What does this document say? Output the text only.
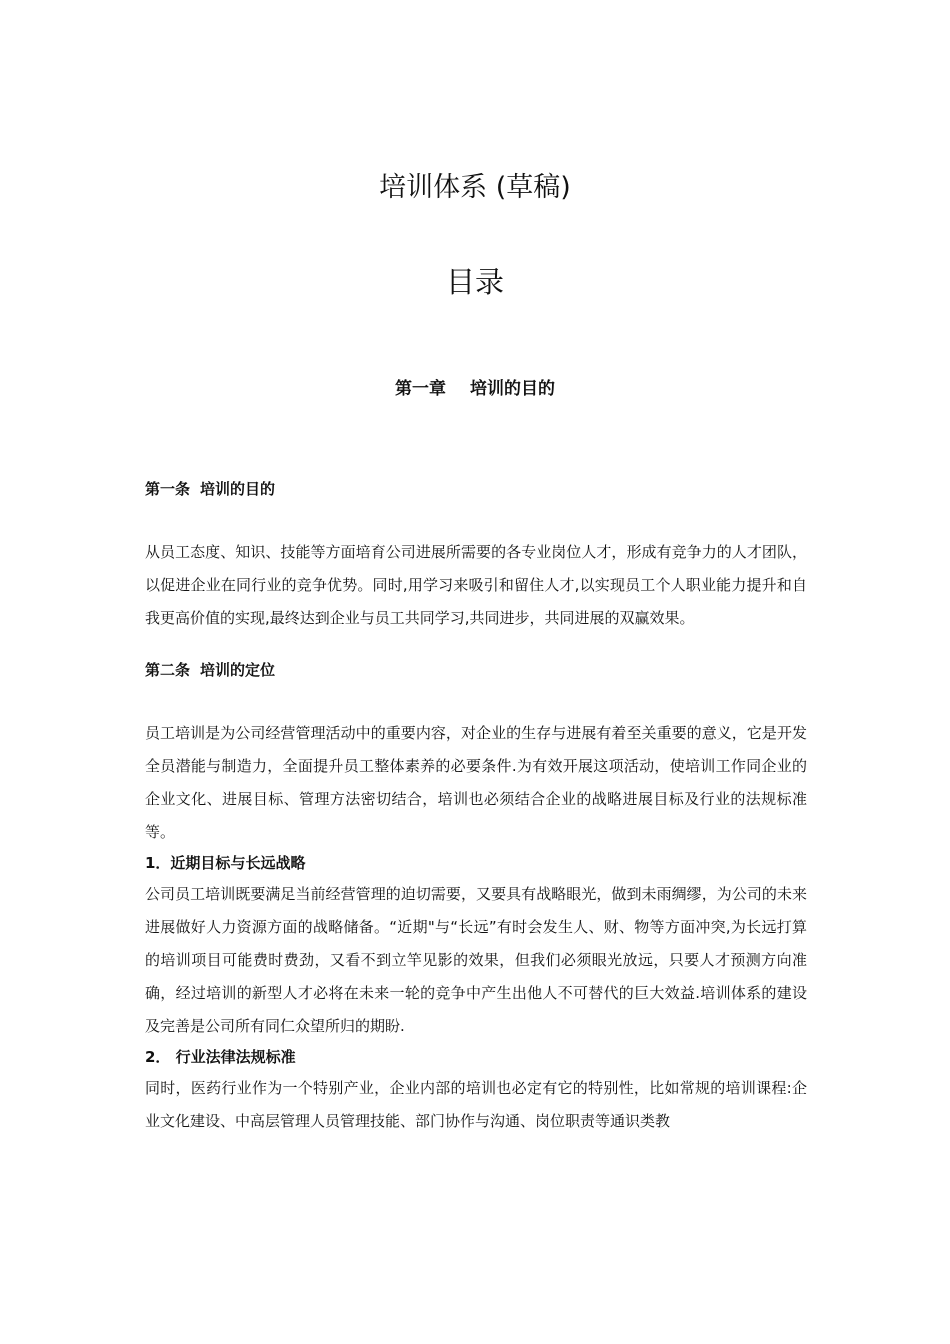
培训体系 (草稿)
目录
第一章 培训的目的
第一条 培训的目的

从员工态度、知识、技能等方面培育公司进展所需要的各专业岗位人才，形成有竞争力的人才团队，以促进企业在同行业的竞争优势。同时,用学习来吸引和留住人才,以实现员工个人职业能力提升和自我更高价值的实现,最终达到企业与员工共同学习,共同进步，共同进展的双赢效果。

第二条 培训的定位

员工培训是为公司经营管理活动中的重要内容，对企业的生存与进展有着至关重要的意义，它是开发全员潜能与制造力，全面提升员工整体素养的必要条件.为有效开展这项活动，使培训工作同企业的企业文化、进展目标、管理方法密切结合，培训也必须结合企业的战略进展目标及行业的法规标准等。

1．近期目标与长远战略

公司员工培训既要满足当前经营管理的迫切需要，又要具有战略眼光，做到未雨绸缪，为公司的未来进展做好人力资源方面的战略储备。“近期"与“长远”有时会发生人、财、物等方面冲突,为长远打算的培训项目可能费时费劲，又看不到立竿见影的效果，但我们必须眼光放远，只要人才预测方向准确，经过培训的新型人才必将在未来一轮的竞争中产生出他人不可替代的巨大效益.培训体系的建设及完善是公司所有同仁众望所归的期盼.

2． 行业法律法规标准

同时，医药行业作为一个特别产业，企业内部的培训也必定有它的特别性，比如常规的培训课程:企业文化建设、中高层管理人员管理技能、部门协作与沟通、岗位职责等通识类教
